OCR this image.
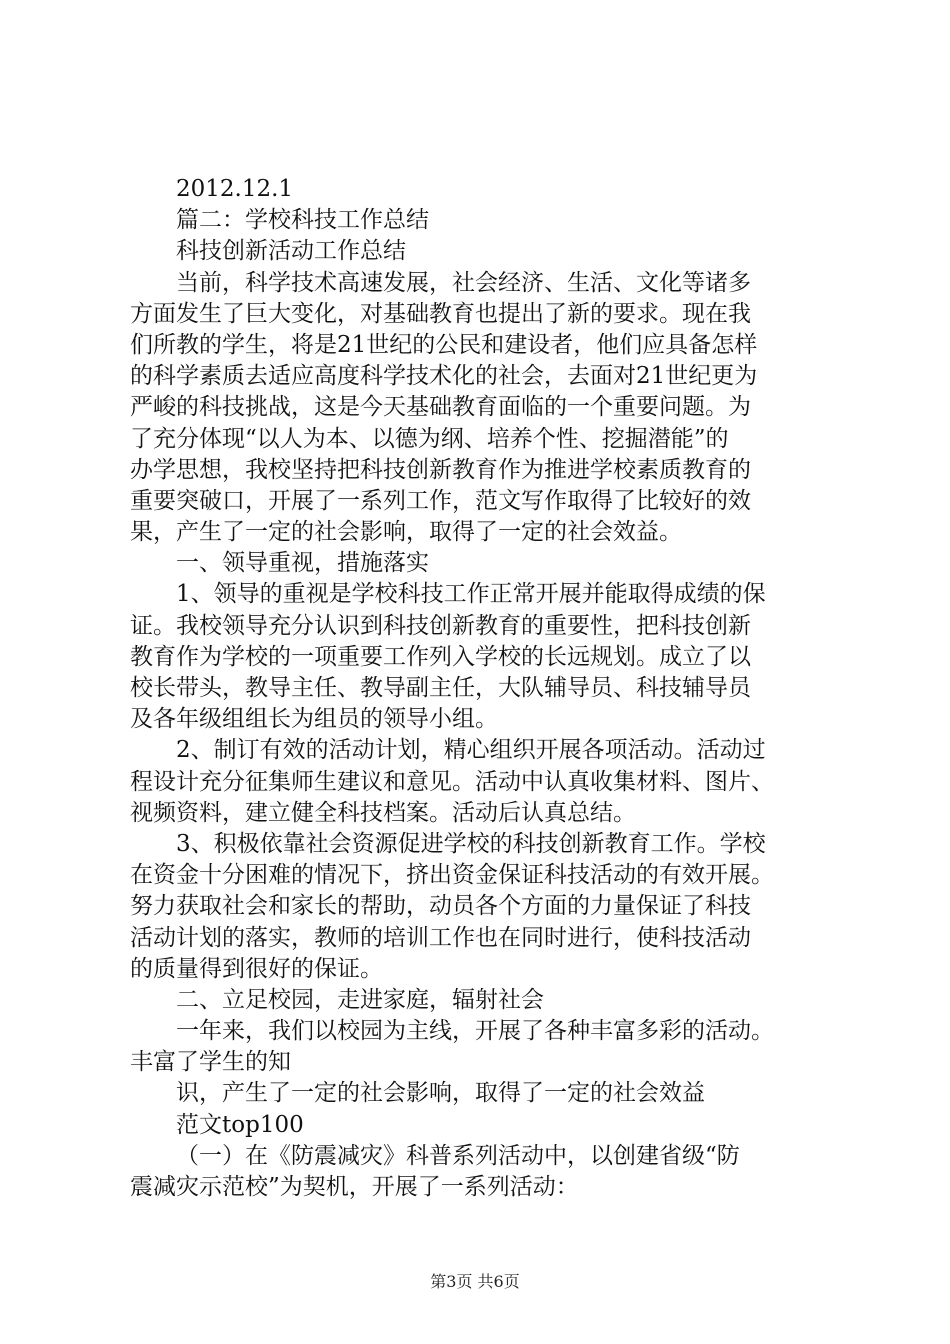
2012.12.1
篇二：学校科技工作总结
科技创新活动工作总结
当前，科学技术高速发展，社会经济、生活、文化等诸多
方面发生了巨大变化，对基础教育也提出了新的要求。现在我
们所教的学生，将是21世纪的公民和建设者，他们应具备怎样
的科学素质去适应高度科学技术化的社会，去面对21世纪更为
严峻的科技挑战，这是今天基础教育面临的一个重要问题。为
了充分体现“以人为本、以德为纲、培养个性、挖掘潜能”的
办学思想，我校坚持把科技创新教育作为推进学校素质教育的
重要突破口，开展了一系列工作，范文写作取得了比较好的效
果，产生了一定的社会影响，取得了一定的社会效益。
一、领导重视，措施落实
1、领导的重视是学校科技工作正常开展并能取得成绩的保
证。我校领导充分认识到科技创新教育的重要性，把科技创新
教育作为学校的一项重要工作列入学校的长远规划。成立了以
校长带头，教导主任、教导副主任，大队辅导员、科技辅导员
及各年级组组长为组员的领导小组。
2、制订有效的活动计划，精心组织开展各项活动。活动过
程设计充分征集师生建议和意见。活动中认真收集材料、图片、
视频资料，建立健全科技档案。活动后认真总结。
3、积极依靠社会资源促进学校的科技创新教育工作。学校
在资金十分困难的情况下，挤出资金保证科技活动的有效开展。
努力获取社会和家长的帮助，动员各个方面的力量保证了科技
活动计划的落实，教师的培训工作也在同时进行，使科技活动
的质量得到很好的保证。
二、立足校园，走进家庭，辐射社会
一年来，我们以校园为主线，开展了各种丰富多彩的活动。
丰富了学生的知
识，产生了一定的社会影响，取得了一定的社会效益
范文top100
（一）在《防震减灾》科普系列活动中，以创建省级“防
震减灾示范校”为契机，开展了一系列活动：
第3页 共6页
